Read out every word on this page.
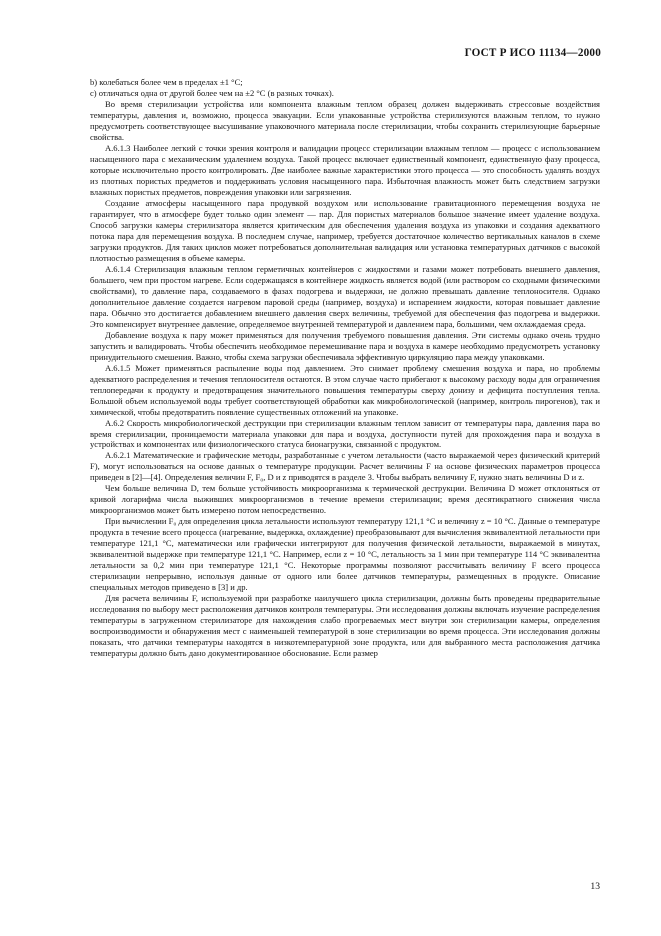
ГОСТ Р ИСО 11134—2000

b) колебаться более чем в пределах ±1 °С;

с) отличаться одна от другой более чем на ±2 °С (в разных точках).

Во время стерилизации устройства или компонента влажным теплом образец должен выдерживать стрессовые воздействия температуры, давления и, возможно, процесса эвакуации. Если упакованные устройства стерилизуются влажным теплом, то нужно предусмотреть соответствующее высушивание упаковочного материала после стерилизации, чтобы сохранить стерилизующие барьерные свойства.

А.6.1.3 Наиболее легкий с точки зрения контроля и валидации процесс стерилизации влажным теплом — процесс с использованием насыщенного пара с механическим удалением воздуха. Такой процесс включает единственный компонент, единственную фазу процесса, которые исключительно просто контролировать. Две наиболее важные характеристики этого процесса — это способность удалять воздух из плотных пористых предметов и поддерживать условия насыщенного пара. Избыточная влажность может быть следствием загрузки влажных пористых предметов, повреждения упаковки или загрязнения.

Создание атмосферы насыщенного пара продувкой воздухом или использование гравитационного перемещения воздуха не гарантирует, что в атмосфере будет только один элемент — пар. Для пористых материалов большое значение имеет удаление воздуха. Способ загрузки камеры стерилизатора является критическим для обеспечения удаления воздуха из упаковки и создания адекватного потока пара для перемещения воздуха. В последнем случае, например, требуется достаточное количество вертикальных каналов в схеме загрузки продуктов. Для таких циклов может потребоваться дополнительная валидация или установка температурных датчиков с высокой плотностью размещения в объеме камеры.

А.6.1.4 Стерилизация влажным теплом герметичных контейнеров с жидкостями и газами может потребовать внешнего давления, большего, чем при простом нагреве. Если содержащаяся в контейнере жидкость является водой (или раствором со сходными физическими свойствами), то давление пара, создаваемого в фазах подогрева и выдержки, не должно превышать давление теплоносителя. Однако дополнительное давление создается нагревом паровой среды (например, воздуха) и испарением жидкости, которая повышает давление пара. Обычно это достигается добавлением внешнего давления сверх величины, требуемой для обеспечения фаз подогрева и выдержки. Это компенсирует внутреннее давление, определяемое внутренней температурой и давлением пара, большими, чем охлаждаемая среда.

Добавление воздуха к пару может применяться для получения требуемого повышения давления. Эти системы однако очень трудно запустить и валидировать. Чтобы обеспечить необходимое перемешивание пара и воздуха в камере необходимо предусмотреть установку принудительного смешения. Важно, чтобы схема загрузки обеспечивала эффективную циркуляцию пара между упаковками.

А.6.1.5 Может применяться распыление воды под давлением. Это снимает проблему смешения воздуха и пара, но проблемы адекватного распределения и течения теплоносителя остаются. В этом случае часто прибегают к высокому расходу воды для ограничения теплопередачи к продукту и предотвращения значительного повышения температуры сверху донизу и дефицита поступления тепла. Большой объем используемой воды требует соответствующей обработки как микробиологической (например, контроль пирогенов), так и химической, чтобы предотвратить появление существенных отложений на упаковке.

А.6.2 Скорость микробиологической деструкции при стерилизации влажным теплом зависит от температуры пара, давления пара во время стерилизации, проницаемости материала упаковки для пара и воздуха, доступности путей для прохождения пара и воздуха в устройствах и компонентах или физиологического статуса бионагрузки, связанной с продуктом.

А.6.2.1 Математические и графические методы, разработанные с учетом летальности (часто выражаемой через физический критерий F), могут использоваться на основе данных о температуре продукции. Расчет величины F на основе физических параметров процесса приведен в [2]—[4]. Определения величин F, F₀, D и z приводятся в разделе 3. Чтобы выбрать величину F, нужно знать величины D и z.

Чем больше величина D, тем больше устойчивость микроорганизма к термической деструкции. Величина D может отклоняться от кривой логарифма числа выживших микроорганизмов в течение времени стерилизации; время десятикратного снижения числа микроорганизмов может быть измерено потом непосредственно.

При вычислении F₀ для определения цикла летальности используют температуру 121,1 °С и величину z = 10 °С. Данные о температуре продукта в течение всего процесса (нагревание, выдержка, охлаждение) преобразовывают для вычисления эквивалентной летальности при температуре 121,1 °С, математически или графически интегрируют для получения физической летальности, выражаемой в минутах, эквивалентной выдержке при температуре 121,1 °С. Например, если z = 10 °С, летальность за 1 мин при температуре 114 °С эквивалентна летальности за 0,2 мин при температуре 121,1 °С. Некоторые программы позволяют рассчитывать величину F всего процесса стерилизации непрерывно, используя данные от одного или более датчиков температуры, размещенных в продукте. Описание специальных методов приведено в [3] и др.

Для расчета величины F, используемой при разработке наилучшего цикла стерилизации, должны быть проведены предварительные исследования по выбору мест расположения датчиков контроля температуры. Эти исследования должны включать изучение распределения температуры в загруженном стерилизаторе для нахождения слабо прогреваемых мест внутри зон стерилизации камеры, определения воспроизводимости и обнаружения мест с наименьшей температурой в зоне стерилизации во время процесса. Эти исследования должны показать, что датчики температуры находятся в низкотемпературной зоне продукта, или для выбранного места расположения датчика температуры должно быть дано документированное обоснование. Если размер

13
